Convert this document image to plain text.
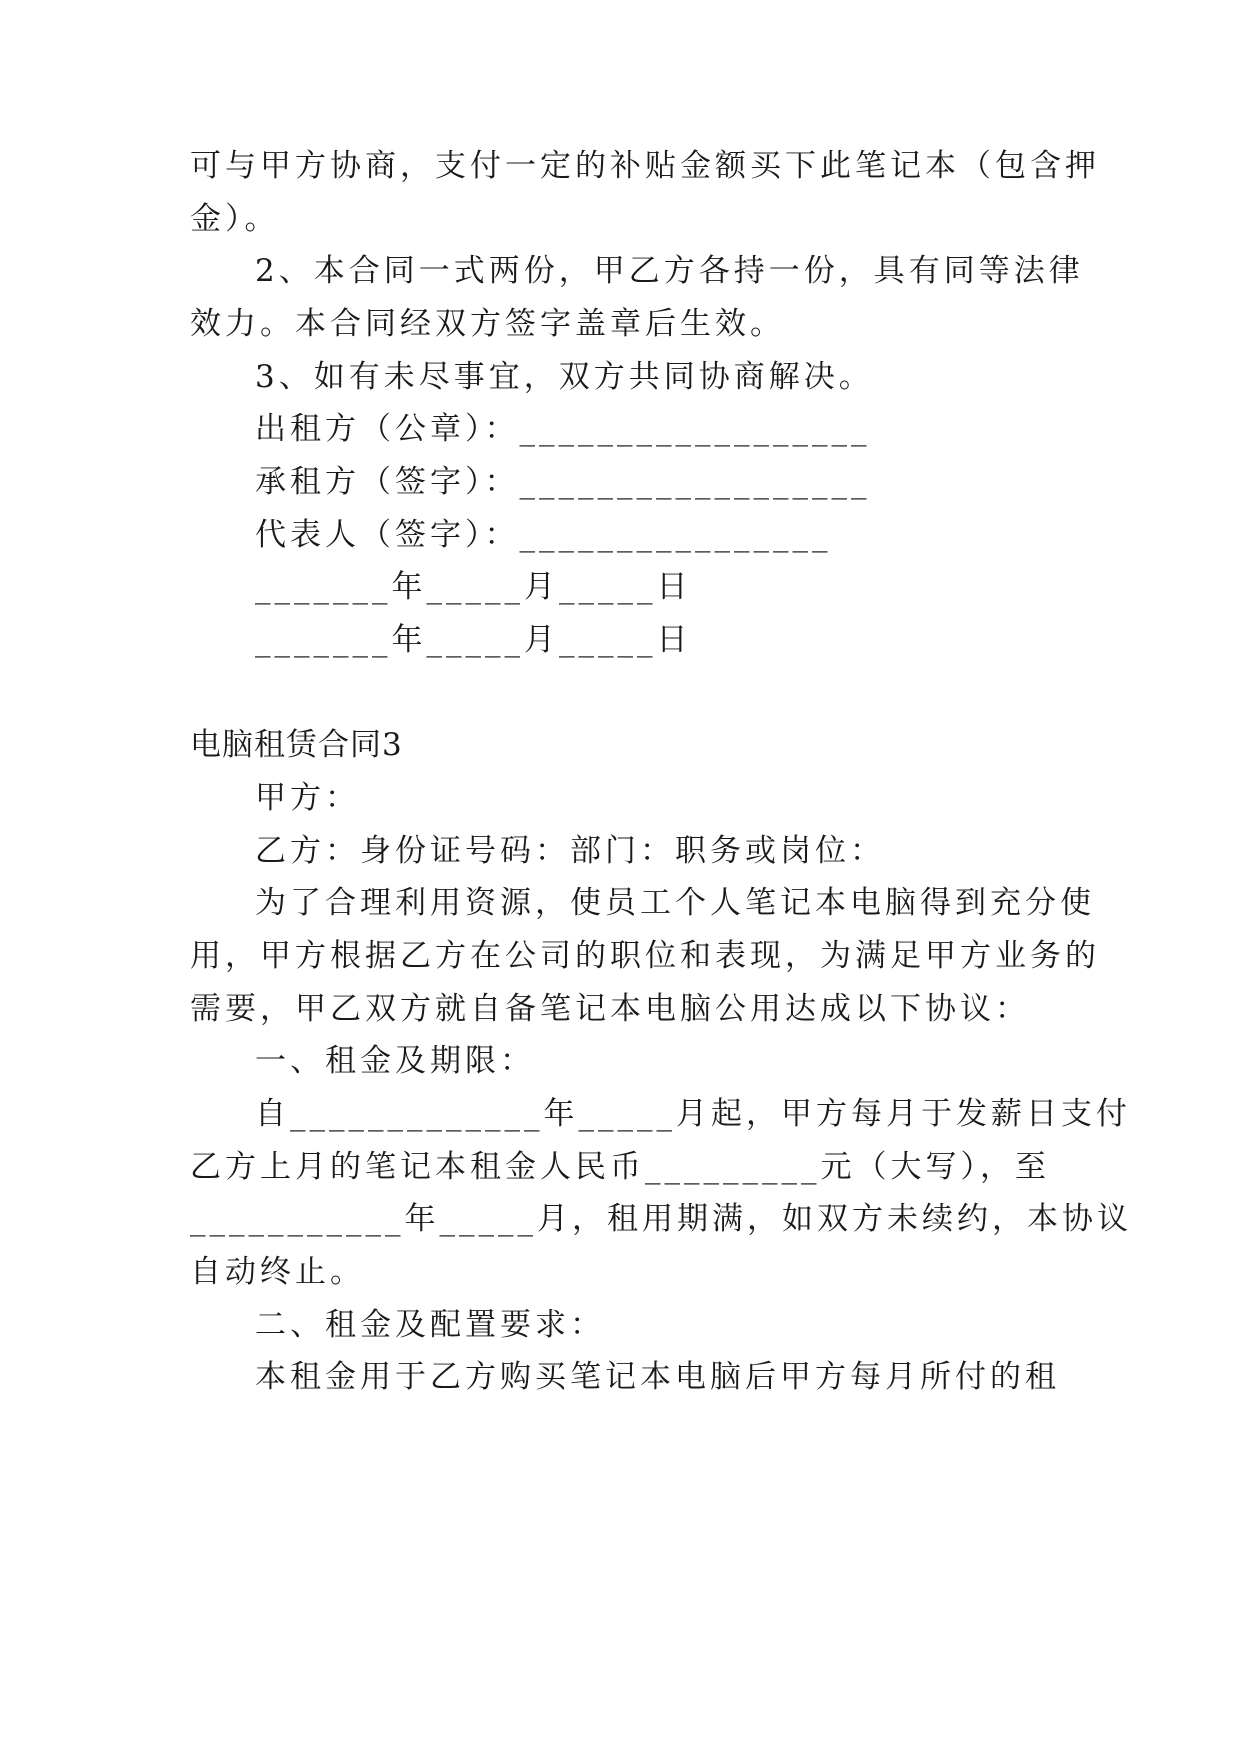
可与甲方协商，支付一定的补贴金额买下此笔记本（包含押
金）。
2、本合同一式两份，甲乙方各持一份，具有同等法律
效力。本合同经双方签字盖章后生效。
3、如有未尽事宜，双方共同协商解决。
出租方（公章）：__________________
承租方（签字）：__________________
代表人（签字）：________________
_______年_____月_____日
_______年_____月_____日
电脑租赁合同3
甲方：
乙方：身份证号码：部门：职务或岗位：
为了合理利用资源，使员工个人笔记本电脑得到充分使
用，甲方根据乙方在公司的职位和表现，为满足甲方业务的
需要，甲乙双方就自备笔记本电脑公用达成以下协议：
一、租金及期限：
自_____________年_____月起，甲方每月于发薪日支付
乙方上月的笔记本租金人民币_________元（大写），至
___________年_____月，租用期满，如双方未续约，本协议
自动终止。
二、租金及配置要求：
本租金用于乙方购买笔记本电脑后甲方每月所付的租
